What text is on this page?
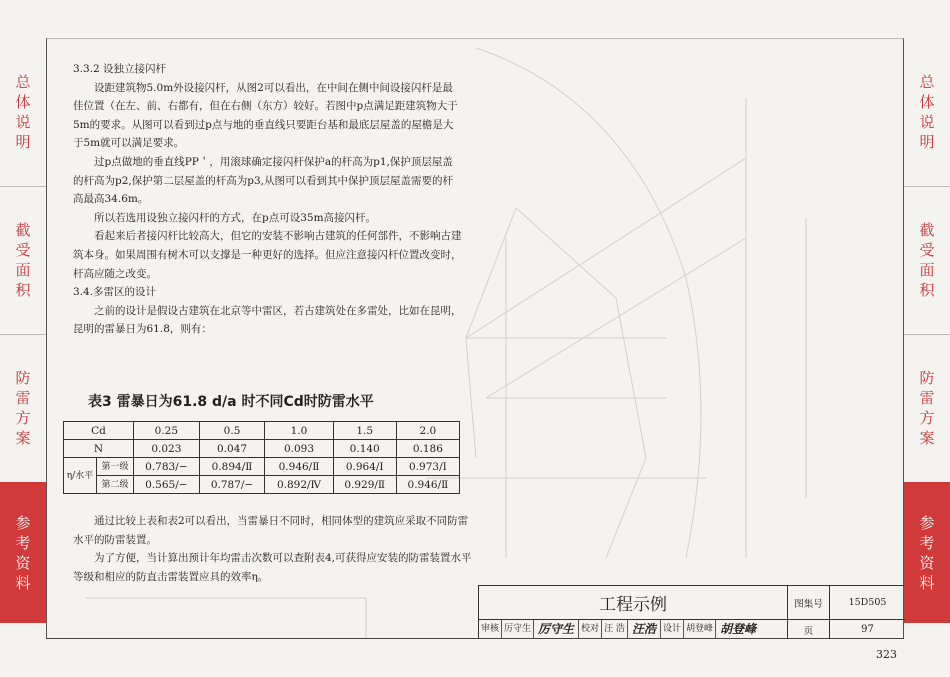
总
体
说
明
截
受
面
积
防
雷
方
案
参
考
资
料
总
体
说
明
截
受
面
积
防
雷
方
案
参
考
资
料

3.3.2 设独立接闪杆

设距建筑物5.0m外设接闪杆，从图2可以看出，在中间在侧中间设接闪杆是最佳位置（在左、前、右都有，但在右侧（东方）较好。若图中p点满足距建筑物大于5m的要求。从图可以看到过p点与地的垂直线只要距台基和最底层屋盖的屋檐是大于5m就可以满足要求。

过p点做地的垂直线PP＇，用滚球确定接闪杆保护a的杆高为p1,保护顶层屋盖的杆高为p2,保护第二层屋盖的杆高为p3,从图可以看到其中保护顶层屋盖需要的杆高最高34.6m。

所以若选用设独立接闪杆的方式，在p点可设35m高接闪杆。

看起来后者接闪杆比较高大，但它的安装不影响古建筑的任何部件，不影响古建筑本身。如果周围有树木可以支撑是一种更好的选择。但应注意接闪杆位置改变时，杆高应随之改变。

3.4.多雷区的设计

之前的设计是假设古建筑在北京等中雷区，若古建筑处在多雷处，比如在昆明，昆明的雷暴日为61.8，则有：

表3 雷暴日为61.8 d/a 时不同Cd时防雷水平
Cd		0.25	0.5	1.0	1.5	2.0
N		0.023	0.047	0.093	0.140	0.186
η/水平	第一级	0.783/−	0.894/Ⅱ	0.946/Ⅱ	0.964/Ⅰ	0.973/Ⅰ
	第二级	0.565/−	0.787/−	0.892/Ⅳ	0.929/Ⅱ	0.946/Ⅱ

通过比较上表和表2可以看出，当雷暴日不同时，相同体型的建筑应采取不同防雷水平的防雷装置。

为了方便，当计算出预计年均雷击次数可以查附表4,可获得应安装的防雷装置水平等级和相应的防直击雷装置应具的效率η。

工程示例	图集号	15D505
审核 厉守生 厉守生 校对 汪 浩 汪浩 设计 胡登峰 胡登峰	页	97
323
